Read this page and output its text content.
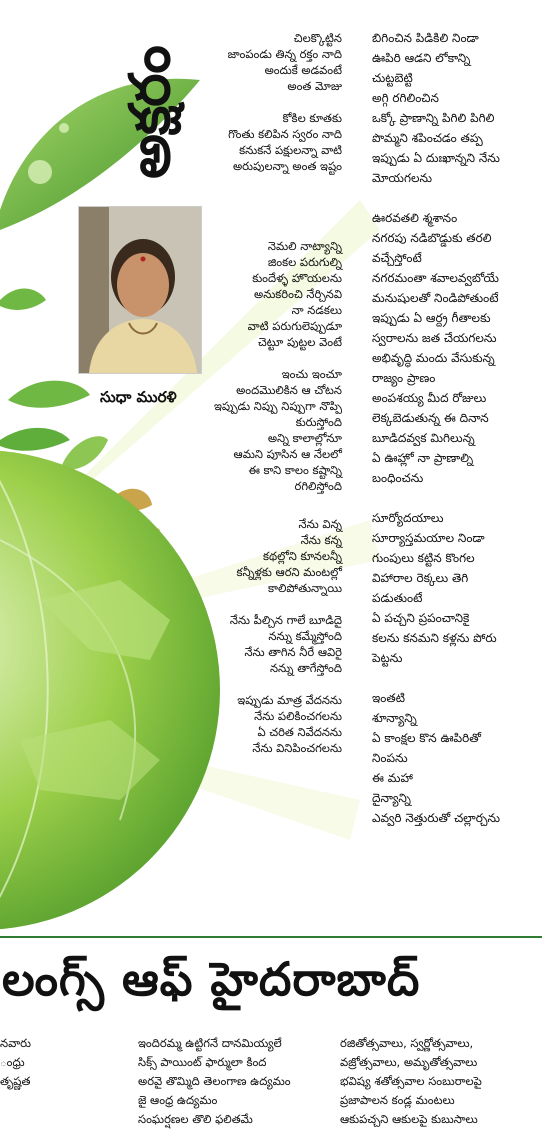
అక్షరం
సుధా మురళి

చిలక్కొట్టిన

జాంపండు తిన్న రక్తం నాది

అందుకే అడవంటే

అంత మోజు

కోకిల కూతకు

గొంతు కలిపిన స్వరం నాది

కనుకనే పక్షులన్నా వాటి

అరుపులన్నా అంత ఇష్టం

నెమలి నాట్యాన్ని

జింకల పరుగుల్ని

కుందేళ్ళ హొయలను

అనుకరించి నేర్చినవి

నా నడకలు

వాటి పరుగులెప్పుడూ

చెట్టూ పుట్టల వెంటే

ఇంచు ఇంచూ

అందమొలికిన ఆ చోటన

ఇప్పుడు నిప్పు నిప్పుగా నొప్పి

కురుస్తోంది

అన్ని కాలాల్లోనూ

ఆమని పూసిన ఆ నేలలో

ఈ కాని కాలం కష్టాన్ని

రగిలిస్తోంది

నేను విన్న

నేను కన్న

కథల్లోని కూనలన్నీ

కన్నీళ్లకు ఆరని మంటల్లో

కాలిపోతున్నాయి

నేను పీల్చిన గాలే బూడిదై

నన్ను కమ్మేస్తోంది

నేను తాగిన నీరే ఆవిరై

నన్ను తాగేస్తోంది

ఇప్పుడు మాత్ర వేదనను

నేను పలికించగలను

ఏ చరిత నివేదనను

నేను వినిపించగలను

బిగించిన పిడికిలి నిండా

ఊపిరి ఆడని లోకాన్ని

చుట్టబెట్టి

అగ్గి రగిలించిన

ఒక్కో ప్రాణాన్ని పిగిలి పిగిలి

పొమ్మని శపించడం తప్ప

ఇప్పుడు ఏ దుఃఖాన్నని నేను

మోయగలను

ఊరవతలి శ్మశానం

నగరపు నడిబొడ్డుకు తరలి

వచ్చేస్తోంటే

నగరమంతా శవాలవ్వబోయే

మనుషులతో నిండిపోతుంటే

ఇప్పుడు ఏ ఆర్ద్ర గీతాలకు

స్వరాలను జత చేయగలను

అభివృద్ధి మందు వేసుకున్న

రాజ్యం ప్రాణం

అంపశయ్య మీద రోజులు

లెక్కబెడుతున్న ఈ దినాన

బూడిదవ్వక మిగిలున్న

ఏ ఊహ్లో నా ప్రాణాల్ని

బంధించను

సూర్యోదయాలు

సూర్యాస్తమయాల నిండా

గుంపులు కట్టిన కొంగల

విహారాల రెక్కలు తెగి

పడుతుంటే

ఏ పచ్చని ప్రపంచానికై

కలను కనమని కళ్లను పోరు

పెట్టను

ఇంతటి

శూన్యాన్ని

ఏ కాంక్షల కొన ఊపిరితో

నింపను

ఈ మహా

దైన్యాన్ని

ఎవ్వరి నెత్తురుతో చల్లార్చను

లంగ్స్ ఆఫ్ హైదరాబాద్

నవారు

ంధ్రు

తృష్ణత

ఇందిరమ్మ ఉట్టిగనే దానమియ్యలే

సిక్స్ పాయింట్ ఫార్ములా కింద

అరవై తొమ్మిది తెలంగాణ ఉద్యమం

జై ఆంధ్ర ఉద్యమం

సంఘర్షణల తొలి ఫలితమే

రజితోత్సవాలు, స్వర్ణోత్సవాలు,

వజ్రోత్సవాలు, అమృతోత్సవాలు

భవిష్య శతోత్సవాల సంబురాలపై

ప్రజాపాలన కండ్ల మంటలు

ఆకుపచ్చని ఆకులపై కుబుసాలు
